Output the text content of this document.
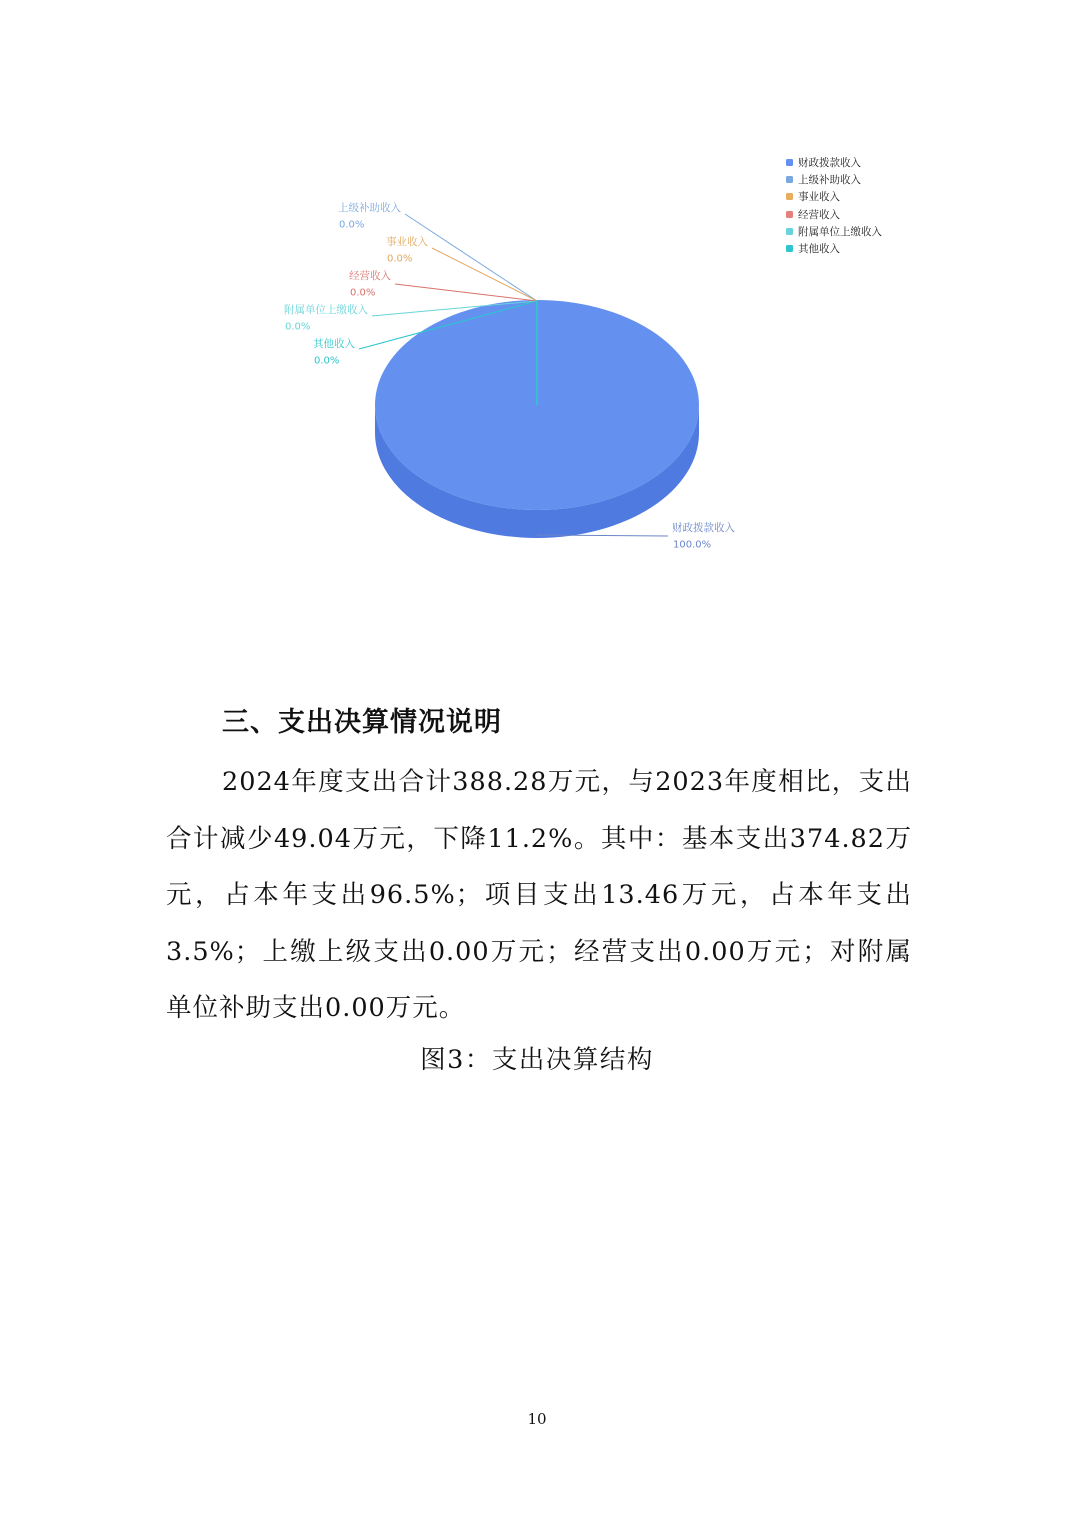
财政拨款收入
100.0%
上级补助收入
0.0%
事业收入
0.0%
经营收入
0.0%
附属单位上缴收入
0.0%
其他收入
0.0%
财政拨款收入
上级补助收入
事业收入
经营收入
附属单位上缴收入
其他收入
三、支出决算情况说明
2024年度支出合计388.28万元，与2023年度相比，支出合计减少49.04万元，下降11.2%。其中：基本支出374.82万元，占本年支出96.5%；项目支出13.46万元，占本年支出3.5%；上缴上级支出0.00万元；经营支出0.00万元；对附属单位补助支出0.00万元。
图3：支出决算结构
10
